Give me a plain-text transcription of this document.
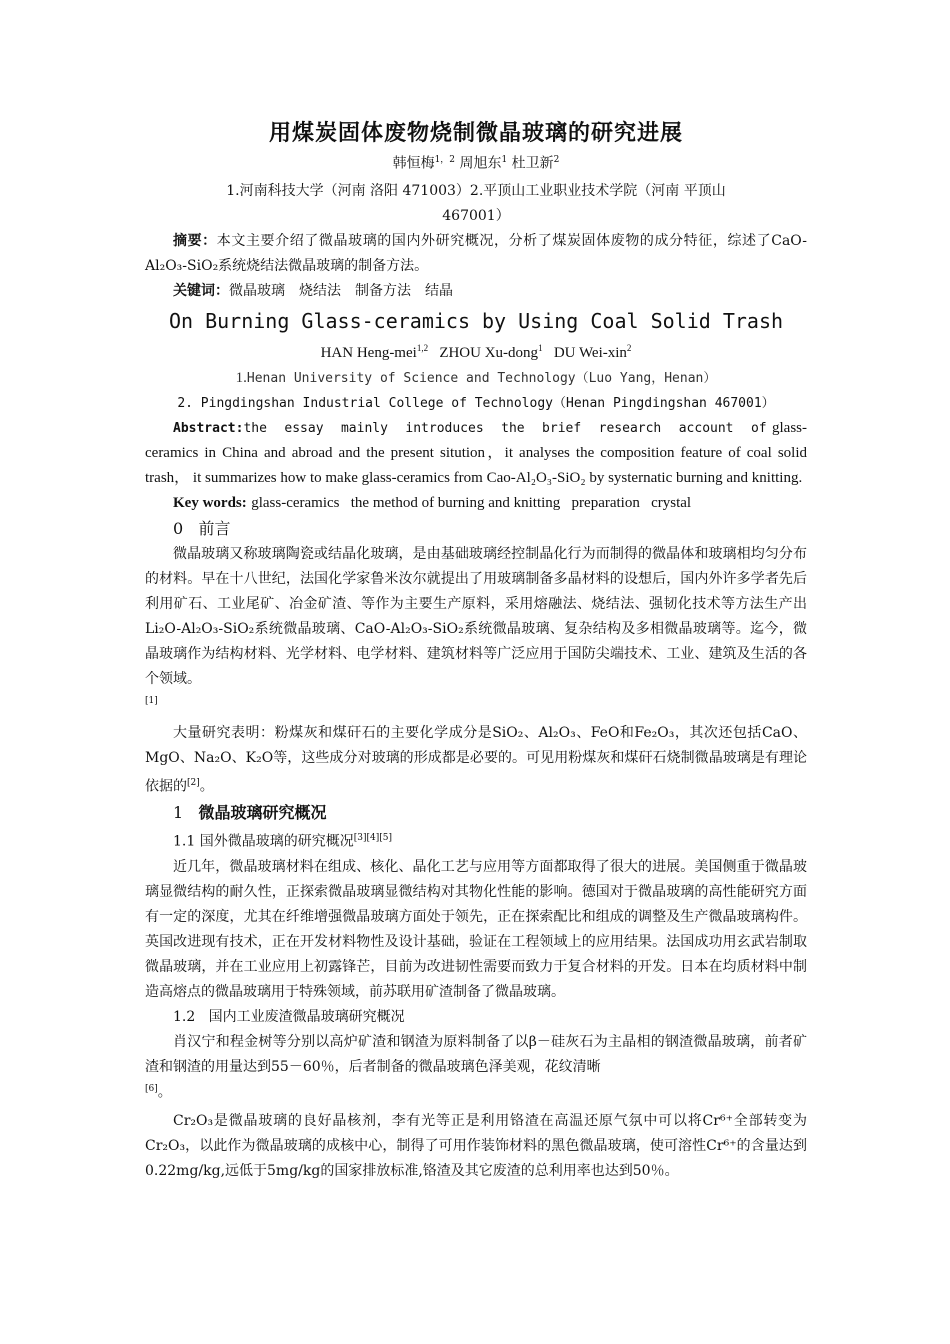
用煤炭固体废物烧制微晶玻璃的研究进展
韩恒梅$^{1,2}$ 周旭东$^1$ 杜卫新$^2$
1.河南科技大学（河南 洛阳 471003）2.平顶山工业职业技术学院（河南 平顶山
467001）

摘要：本文主要介绍了微晶玻璃的国内外研究概况，分析了煤炭固体废物的成分特征，综述了CaO-Al₂O₃-SiO₂系统烧结法微晶玻璃的制备方法。

关键词：微晶玻璃　烧结法　制备方法　结晶

On Burning Glass-ceramics by Using Coal Solid Trash
HAN Heng-mei$^{1,2}$ ZHOU Xu-dong$^1$ DU Wei-xin$^2$
1.Henan University of Science and Technology（Luo Yang，Henan）
2. Pingdingshan Industrial College of Technology（Henan Pingdingshan 467001）

Abstract:the essay mainly introduces the brief research account of glass-ceramics in China and abroad and the present sitution，it analyses the composition feature of coal solid trash， it summarizes how to make glass-ceramics from Cao-Al₂O₃-SiO₂ by systernatic burning and knitting.

Key words: glass-ceramics   the method of burning and knitting   preparation   crystal

0 前言

微晶玻璃又称玻璃陶瓷或结晶化玻璃，是由基础玻璃经控制晶化行为而制得的微晶体和玻璃相均匀分布的材料。早在十八世纪，法国化学家鲁米汝尔就提出了用玻璃制备多晶材料的设想后，国内外许多学者先后利用矿石、工业尾矿、冶金矿渣、等作为主要生产原料，采用熔融法、烧结法、强韧化技术等方法生产出Li₂O-Al₂O₃-SiO₂系统微晶玻璃、CaO-Al₂O₃-SiO₂系统微晶玻璃、复杂结构及多相微晶玻璃等。迄今，微晶玻璃作为结构材料、光学材料、电学材料、建筑材料等广泛应用于国防尖端技术、工业、建筑及生活的各个领域。
[1]

大量研究表明：粉煤灰和煤矸石的主要化学成分是SiO₂、Al₂O₃、FeO和Fe₂O₃，其次还包括CaO、MgO、Na₂O、K₂O等，这些成分对玻璃的形成都是必要的。可见用粉煤灰和煤矸石烧制微晶玻璃是有理论依据的[2]。

1 微晶玻璃研究概况
1.1 国外微晶玻璃的研究概况[3][4][5]

近几年，微晶玻璃材料在组成、核化、晶化工艺与应用等方面都取得了很大的进展。美国侧重于微晶玻璃显微结构的耐久性，正探索微晶玻璃显微结构对其物化性能的影响。德国对于微晶玻璃的高性能研究方面有一定的深度，尤其在纤维增强微晶玻璃方面处于领先，正在探索配比和组成的调整及生产微晶玻璃构件。英国改进现有技术，正在开发材料物性及设计基础，验证在工程领域上的应用结果。法国成功用玄武岩制取微晶玻璃，并在工业应用上初露锋芒，目前为改进韧性需要而致力于复合材料的开发。日本在均质材料中制造高熔点的微晶玻璃用于特殊领域，前苏联用矿渣制备了微晶玻璃。

1.2 国内工业废渣微晶玻璃研究概况

肖汉宁和程金树等分别以高炉矿渣和钢渣为原料制备了以β－硅灰石为主晶相的钢渣微晶玻璃，前者矿渣和钢渣的用量达到55－60％，后者制备的微晶玻璃色泽美观，花纹清晰
[6]。

Cr₂O₃是微晶玻璃的良好晶核剂，李有光等正是利用铬渣在高温还原气氛中可以将Cr⁶⁺全部转变为Cr₂O₃，以此作为微晶玻璃的成核中心，制得了可用作装饰材料的黑色微晶玻璃，使可溶性Cr⁶⁺的含量达到0.22mg/kg,远低于5mg/kg的国家排放标准,铬渣及其它废渣的总利用率也达到50％。
